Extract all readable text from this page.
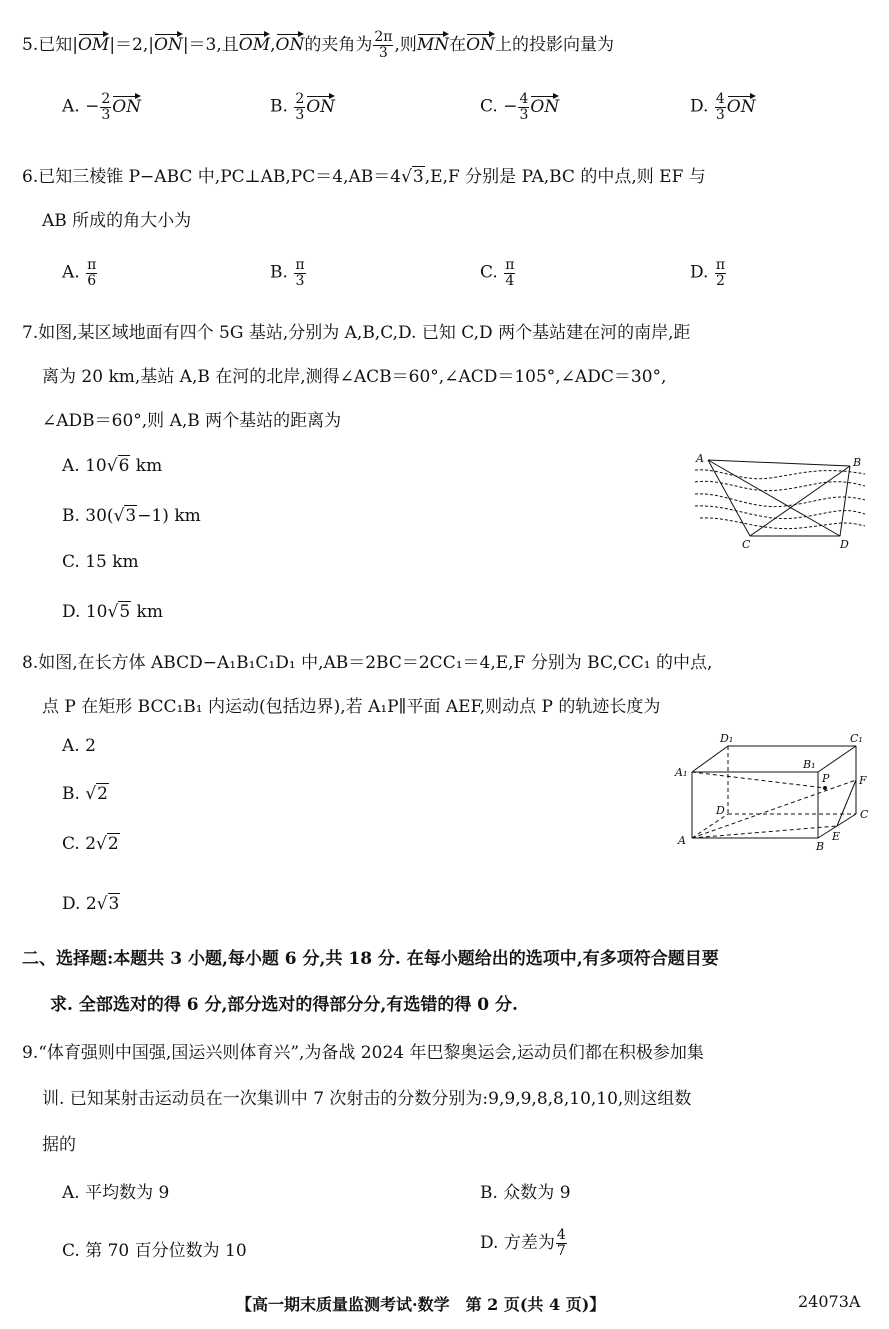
5.已知|OM|＝2,|ON|＝3,且OM,ON的夹角为 $\frac{2\pi}{3}$ ,则MN在ON上的投影向量为
A. − $\frac{2}{3}$ ON	B. $\frac{2}{3}$ ON	C. − $\frac{4}{3}$ ON	D. $\frac{4}{3}$ ON
6.已知三棱锥 P−ABC 中,PC⊥AB,PC＝4,AB＝4√3,E,F 分别是 PA,BC 的中点,则 EF 与
AB 所成的角大小为
A. $\frac{\pi}{6}$	B. $\frac{\pi}{3}$	C. $\frac{\pi}{4}$	D. $\frac{\pi}{2}$
7.如图,某区域地面有四个 5G 基站,分别为 A,B,C,D. 已知 C,D 两个基站建在河的南岸,距
离为 20 km,基站 A,B 在河的北岸,测得∠ACB＝60°,∠ACD＝105°,∠ADC＝30°,
∠ADB＝60°,则 A,B 两个基站的距离为
A. 10√6 km
B. 30(√3−1) km
C. 15 km
D. 10√5 km
A	B
C	D
8.如图,在长方体 ABCD−A₁B₁C₁D₁ 中,AB＝2BC＝2CC₁＝4,E,F 分别为 BC,CC₁ 的中点,
点 P 在矩形 BCC₁B₁ 内运动(包括边界),若 A₁P∥平面 AEF,则动点 P 的轨迹长度为
A. 2
B. √2
C. 2√2
D. 2√3
A₁
B₁
C₁
D₁
A	B
C
D
E
F
P
二、选择题:本题共 3 小题,每小题 6 分,共 18 分. 在每小题给出的选项中,有多项符合题目要
求. 全部选对的得 6 分,部分选对的得部分分,有选错的得 0 分.
9.“体育强则中国强,国运兴则体育兴”,为备战 2024 年巴黎奥运会,运动员们都在积极参加集
训. 已知某射击运动员在一次集训中 7 次射击的分数分别为:9,9,9,8,8,10,10,则这组数
据的
A. 平均数为 9	B. 众数为 9
C. 第 70 百分位数为 10	D. 方差为 $\frac{4}{7}$
【高一期末质量监测考试·数学　第 2 页(共 4 页)】	24073A
